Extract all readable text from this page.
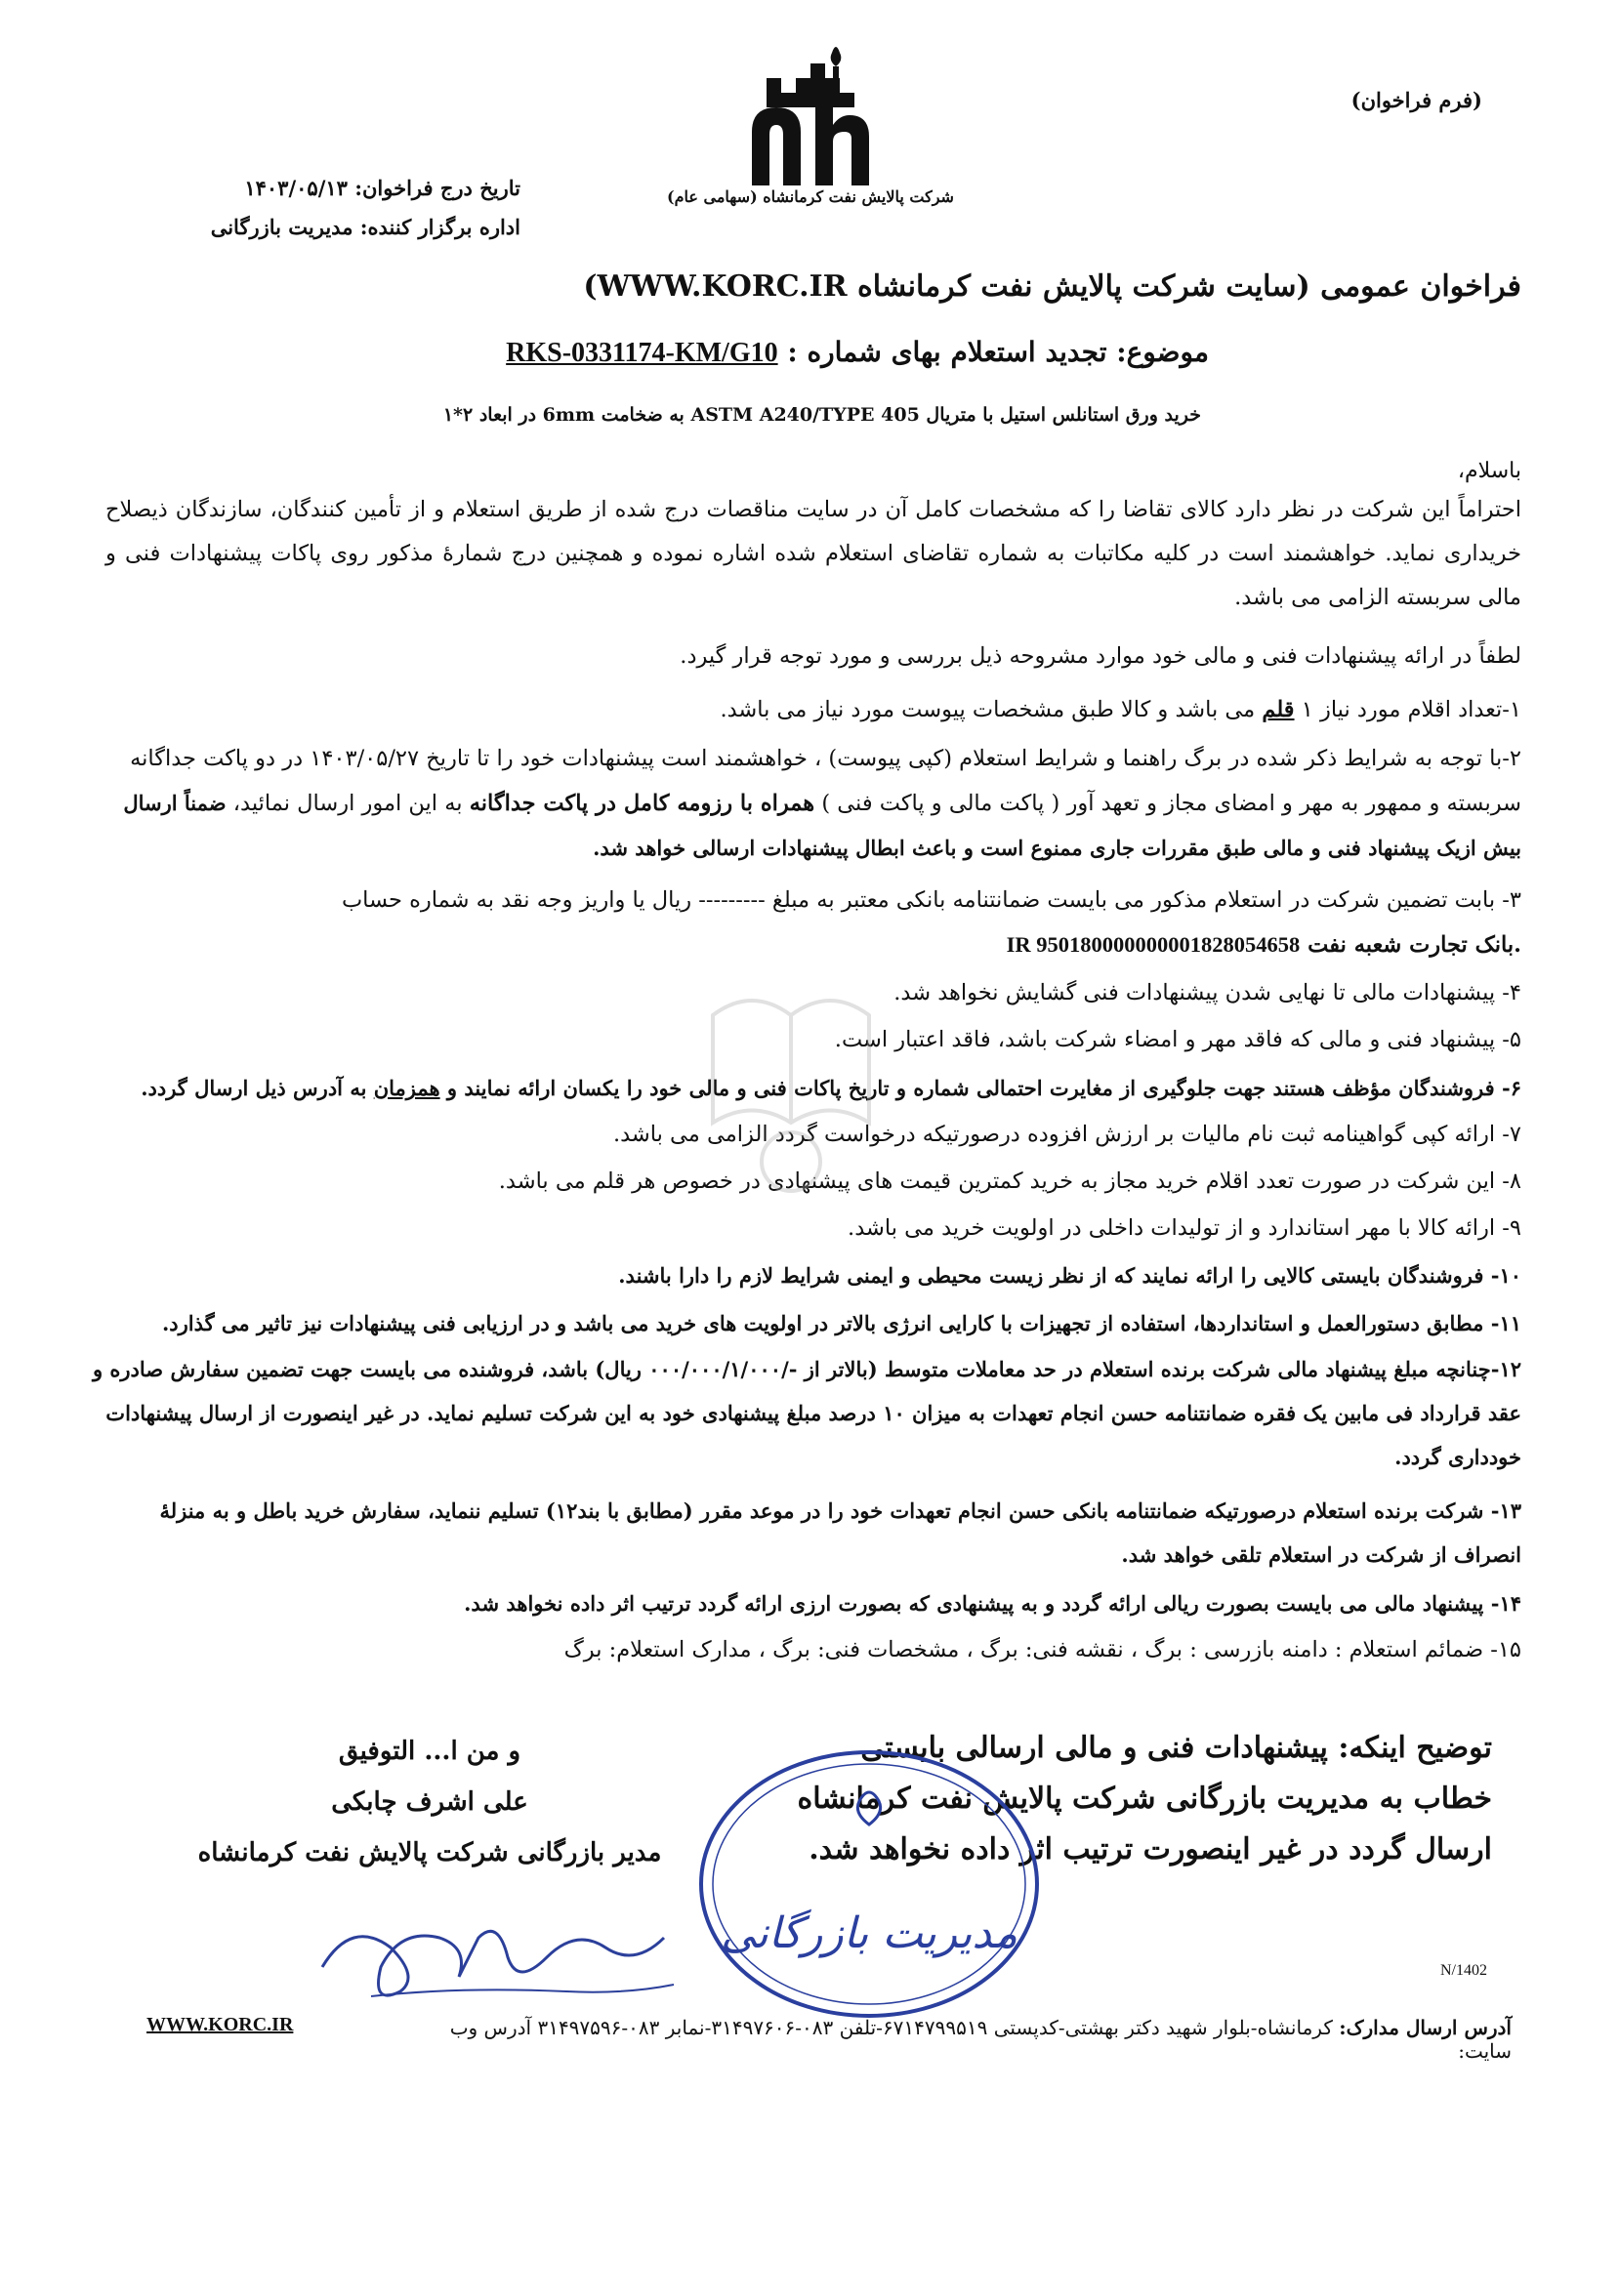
شرکت پالایش نفت کرمانشاه (سهامی عام)
(فرم فراخوان)
تاریخ درج فراخوان: ۱۴۰۳/۰۵/۱۳
اداره برگزار کننده: مدیریت بازرگانی
فراخوان عمومی (سایت شرکت پالایش نفت کرمانشاه WWW.KORC.IR)
موضوع: تجدید استعلام بهای شماره : RKS-0331174-KM/G10
خرید ورق استانلس استیل با متریال ASTM A240/TYPE 405 به ضخامت 6mm در ابعاد ۲*۱
باسلام،
احتراماً این شرکت در نظر دارد کالای تقاضا را که مشخصات کامل آن در سایت مناقصات درج شده از طریق استعلام و از تأمین کنندگان، سازندگان ذیصلاح خریداری نماید. خواهشمند است در کلیه مکاتبات به شماره تقاضای استعلام شده اشاره نموده و همچنین درج شمارهٔ مذکور روی پاکات پیشنهادات فنی و مالی سربسته الزامی می باشد.
لطفاً در ارائه پیشنهادات فنی و مالی خود موارد مشروحه ذیل بررسی و مورد توجه قرار گیرد.
۱-تعداد اقلام مورد نیاز ۱ قلم می باشد و کالا طبق مشخصات پیوست مورد نیاز می باشد.
۲-با توجه به شرایط ذکر شده در برگ راهنما و شرایط استعلام (کپی پیوست) ، خواهشمند است پیشنهادات خود را تا تاریخ ۱۴۰۳/۰۵/۲۷ در دو پاکت جداگانه سربسته و ممهور به مهر و امضای مجاز و تعهد آور ( پاکت مالی و پاکت فنی ) همراه با رزومه کامل در پاکت جداگانه به این امور ارسال نمائید، ضمناً ارسال بیش ازیک پیشنهاد فنی و مالی طبق مقررات جاری ممنوع است و باعث ابطال پیشنهادات ارسالی خواهد شد.
۳- بابت تضمین شرکت در استعلام مذکور می بایست ضمانتنامه بانکی معتبر به مبلغ --------- ریال یا واریز وجه نقد به شماره حساب
IR 950180000000001828054658 بانک تجارت شعبه نفت.
۴- پیشنهادات مالی تا نهایی شدن پیشنهادات فنی گشایش نخواهد شد.
۵- پیشنهاد فنی و مالی که فاقد مهر و امضاء شرکت باشد، فاقد اعتبار است.
۶- فروشندگان مؤظف هستند جهت جلوگیری از مغایرت احتمالی شماره و تاریخ پاکات فنی و مالی خود را یکسان ارائه نمایند و همزمان به آدرس ذیل ارسال گردد.
۷- ارائه کپی گواهینامه ثبت نام مالیات بر ارزش افزوده درصورتیکه درخواست گردد الزامی می باشد.
۸- این شرکت در صورت تعدد اقلام خرید مجاز به خرید کمترین قیمت های پیشنهادی در خصوص هر قلم می باشد.
۹- ارائه کالا با مهر استاندارد و از تولیدات داخلی در اولویت خرید می باشد.
۱۰- فروشندگان بایستی کالایی را ارائه نمایند که از نظر زیست محیطی و ایمنی شرایط لازم را دارا باشند.
۱۱- مطابق دستورالعمل و استانداردها، استفاده از تجهیزات با کارایی انرژی بالاتر در اولویت های خرید می باشد و در ارزیابی فنی پیشنهادات نیز تاثیر می گذارد.
۱۲-چنانچه مبلغ پیشنهاد مالی شرکت برنده استعلام در حد معاملات متوسط (بالاتر از -/۰۰۰/۰۰۰/۱/۰۰۰ ریال) باشد، فروشنده می بایست جهت تضمین سفارش صادره و عقد قرارداد فی مابین یک فقره ضمانتنامه حسن انجام تعهدات به میزان ۱۰ درصد مبلغ پیشنهادی خود به این شرکت تسلیم نماید. در غیر اینصورت از ارسال پیشنهادات خودداری گردد.
۱۳- شرکت برنده استعلام درصورتیکه ضمانتنامه بانکی حسن انجام تعهدات خود را در موعد مقرر (مطابق با بند۱۲) تسلیم ننماید، سفارش خرید باطل و به منزلهٔ انصراف از شرکت در استعلام تلقی خواهد شد.
۱۴- پیشنهاد مالی می بایست بصورت ریالی ارائه گردد و به پیشنهادی که بصورت ارزی ارائه گردد ترتیب اثر داده نخواهد شد.
۱۵- ضمائم استعلام : دامنه بازرسی : برگ ، نقشه فنی: برگ ، مشخصات فنی: برگ ، مدارک استعلام: برگ
توضیح اینکه: پیشنهادات فنی و مالی ارسالی بایستی خطاب به مدیریت بازرگانی شرکت پالایش نفت کرمانشاه ارسال گردد در غیر اینصورت ترتیب اثر داده نخواهد شد.
و من ا... التوفیق
علی اشرف چابکی
مدیر بازرگانی شرکت پالایش نفت کرمانشاه
مدیریت بازرگانی
N/1402
آدرس ارسال مدارک: کرمانشاه-بلوار شهید دکتر بهشتی-کدپستی ۶۷۱۴۷۹۹۵۱۹-تلفن ۰۸۳-۳۱۴۹۷۶۰۶-نمابر ۰۸۳-۳۱۴۹۷۵۹۶ آدرس وب سایت:
WWW.KORC.IR
